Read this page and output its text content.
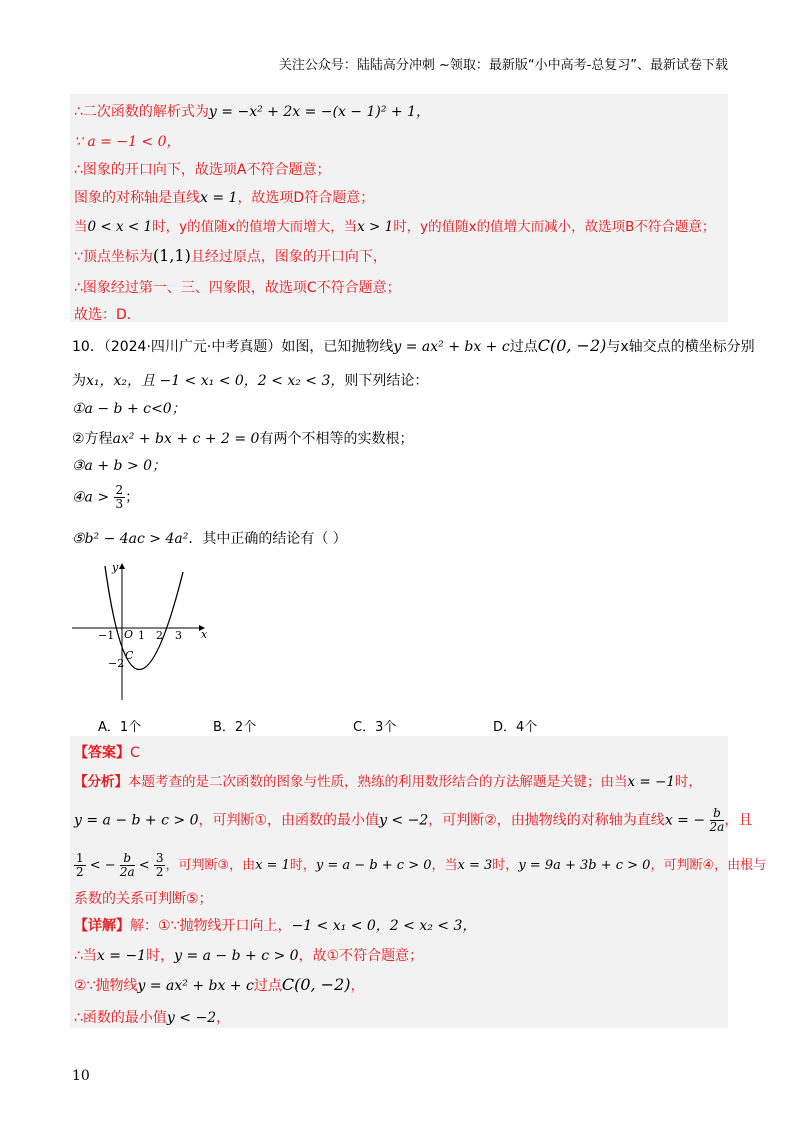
关注公众号：陆陆高分冲刺 ~领取：最新版“小中高考-总复习”、最新试卷下载
∴二次函数的解析式为y = −x² + 2x = −(x − 1)² + 1，
∵ a = −1 < 0，
∴图象的开口向下，故选项A不符合题意；
图象的对称轴是直线x = 1，故选项D符合题意；
当0 < x < 1时，y的值随x的值增大而增大，当x > 1时，y的值随x的值增大而减小，故选项B不符合题意；
∵顶点坐标为(1,1)且经过原点，图象的开口向下，
∴图象经过第一、三、四象限，故选项C不符合题意；
故选：D．
10．（2024·四川广元·中考真题）如图，已知抛物线y = ax² + bx + c过点C(0, −2)与x轴交点的横坐标分别
为x₁，x₂，且 −1 < x₁ < 0，2 < x₂ < 3，则下列结论：
①a − b + c<0；
②方程ax² + bx + c + 2 = 0有两个不相等的实数根；
③a + b > 0；
④a > $\frac{2}{3}$ ；
⑤b² − 4ac > 4a²．其中正确的结论有（ ）
y
x
O
−1 1 2 3
−2
C
A．1个	B．2个	C．3个	D．4个
【答案】C
【分析】本题考查的是二次函数的图象与性质，熟练的利用数形结合的方法解题是关键；由当x = −1时，
y = a − b + c > 0，可判断①，由函数的最小值y < −2，可判断②，由抛物线的对称轴为直线x = − $\frac{b}{2a}$ ，且
$\frac{1}{2}$ < − $\frac{b}{2a} < \frac{3}{2}$ ，可判断③，由x = 1时，y = a − b + c > 0，当x = 3时，y = 9a + 3b + c > 0，可判断④，由根与
系数的关系可判断⑤；
【详解】解：①∵抛物线开口向上，−1 < x₁ < 0，2 < x₂ < 3，
∴当x = −1时，y = a − b + c > 0，故①不符合题意；
②∵抛物线y = ax² + bx + c过点C(0, −2)，
∴函数的最小值y < −2，
10
